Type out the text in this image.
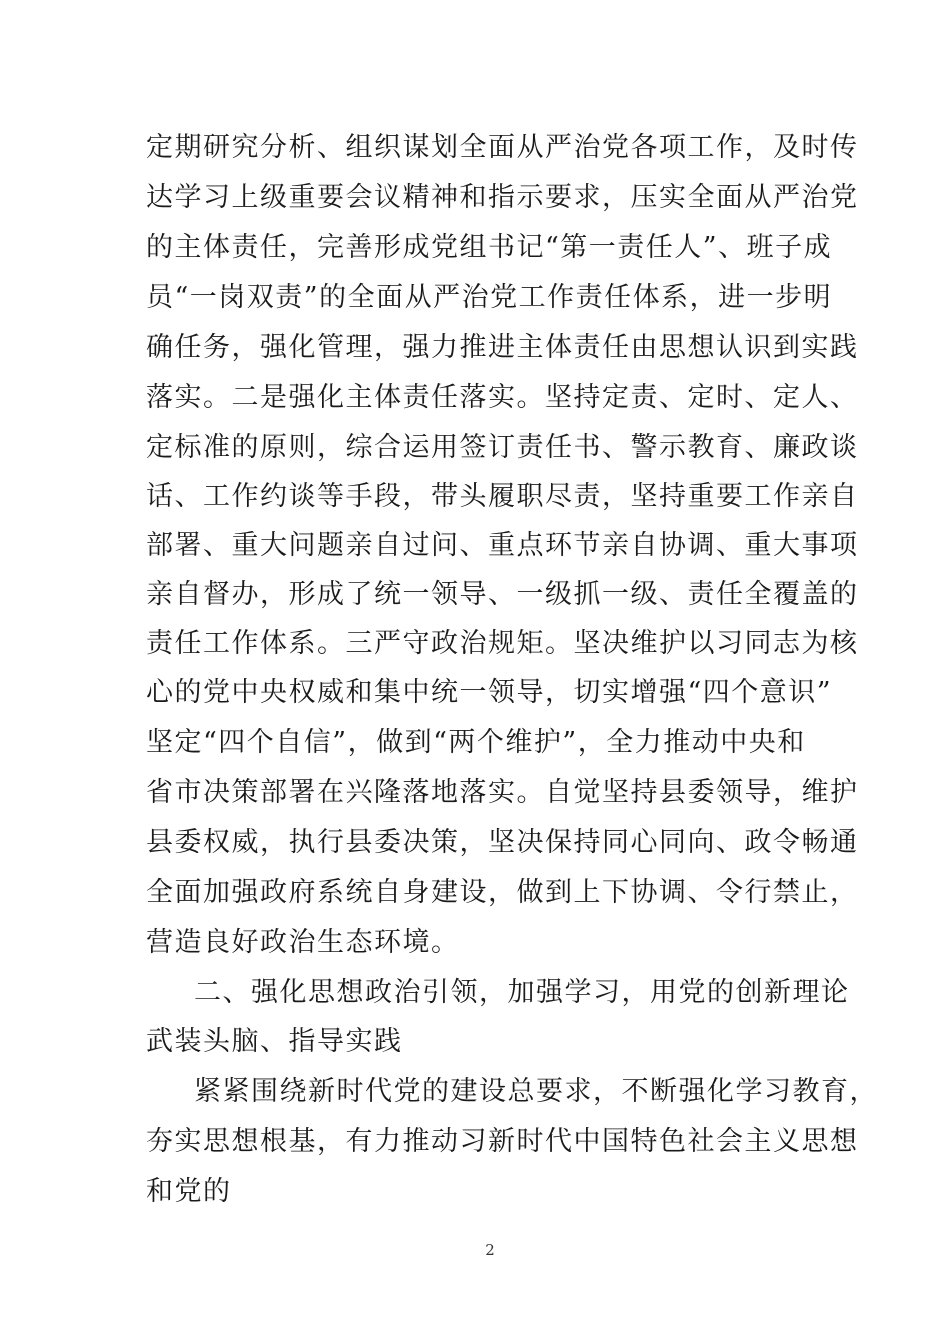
定期研究分析、组织谋划全面从严治党各项工作，及时传
达学习上级重要会议精神和指示要求，压实全面从严治党
的主体责任，完善形成党组书记“第一责任人”、班子成
员“一岗双责”的全面从严治党工作责任体系，进一步明
确任务，强化管理，强力推进主体责任由思想认识到实践
落实。二是强化主体责任落实。坚持定责、定时、定人、
定标准的原则，综合运用签订责任书、警示教育、廉政谈
话、工作约谈等手段，带头履职尽责，坚持重要工作亲自
部署、重大问题亲自过问、重点环节亲自协调、重大事项
亲自督办，形成了统一领导、一级抓一级、责任全覆盖的
责任工作体系。三严守政治规矩。坚决维护以习同志为核
心的党中央权威和集中统一领导，切实增强“四个意识”
坚定“四个自信”，做到“两个维护”，全力推动中央和
省市决策部署在兴隆落地落实。自觉坚持县委领导，维护
县委权威，执行县委决策，坚决保持同心同向、政令畅通
全面加强政府系统自身建设，做到上下协调、令行禁止，
营造良好政治生态环境。
二、强化思想政治引领，加强学习，用党的创新理论
武装头脑、指导实践
紧紧围绕新时代党的建设总要求，不断强化学习教育，
夯实思想根基，有力推动习新时代中国特色社会主义思想
和党的
2
